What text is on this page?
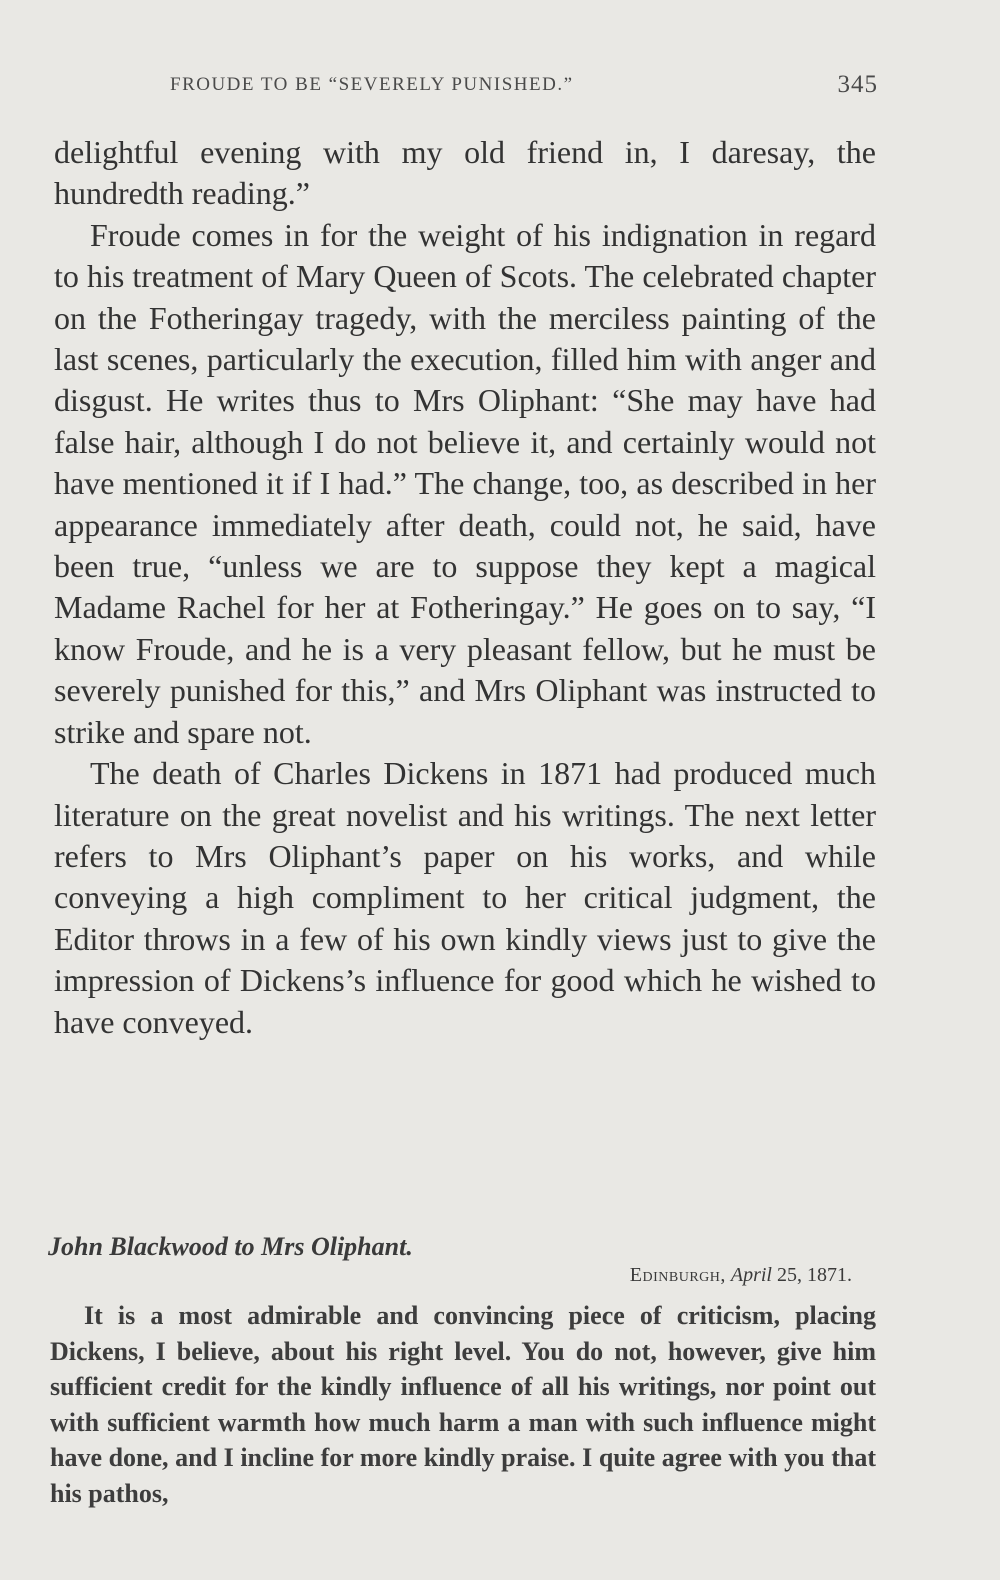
FROUDE TO BE “SEVERELY PUNISHED.”	345

delightful evening with my old friend in, I daresay, the hundredth reading.”

Froude comes in for the weight of his indignation in regard to his treatment of Mary Queen of Scots. The celebrated chapter on the Fotheringay tragedy, with the merciless painting of the last scenes, particularly the execution, filled him with anger and disgust. He writes thus to Mrs Oliphant: “She may have had false hair, although I do not believe it, and certainly would not have mentioned it if I had.” The change, too, as described in her appearance immediately after death, could not, he said, have been true, “unless we are to suppose they kept a magical Madame Rachel for her at Fotheringay.” He goes on to say, “I know Froude, and he is a very pleasant fellow, but he must be severely punished for this,” and Mrs Oliphant was instructed to strike and spare not.

The death of Charles Dickens in 1871 had produced much literature on the great novelist and his writings. The next letter refers to Mrs Oliphant’s paper on his works, and while conveying a high compliment to her critical judgment, the Editor throws in a few of his own kindly views just to give the impression of Dickens’s influence for good which he wished to have conveyed.

John Blackwood to Mrs Oliphant.
Edinburgh, April 25, 1871.

It is a most admirable and convincing piece of criticism, placing Dickens, I believe, about his right level. You do not, however, give him sufficient credit for the kindly influence of all his writings, nor point out with sufficient warmth how much harm a man with such influence might have done, and I incline for more kindly praise. I quite agree with you that his pathos,
